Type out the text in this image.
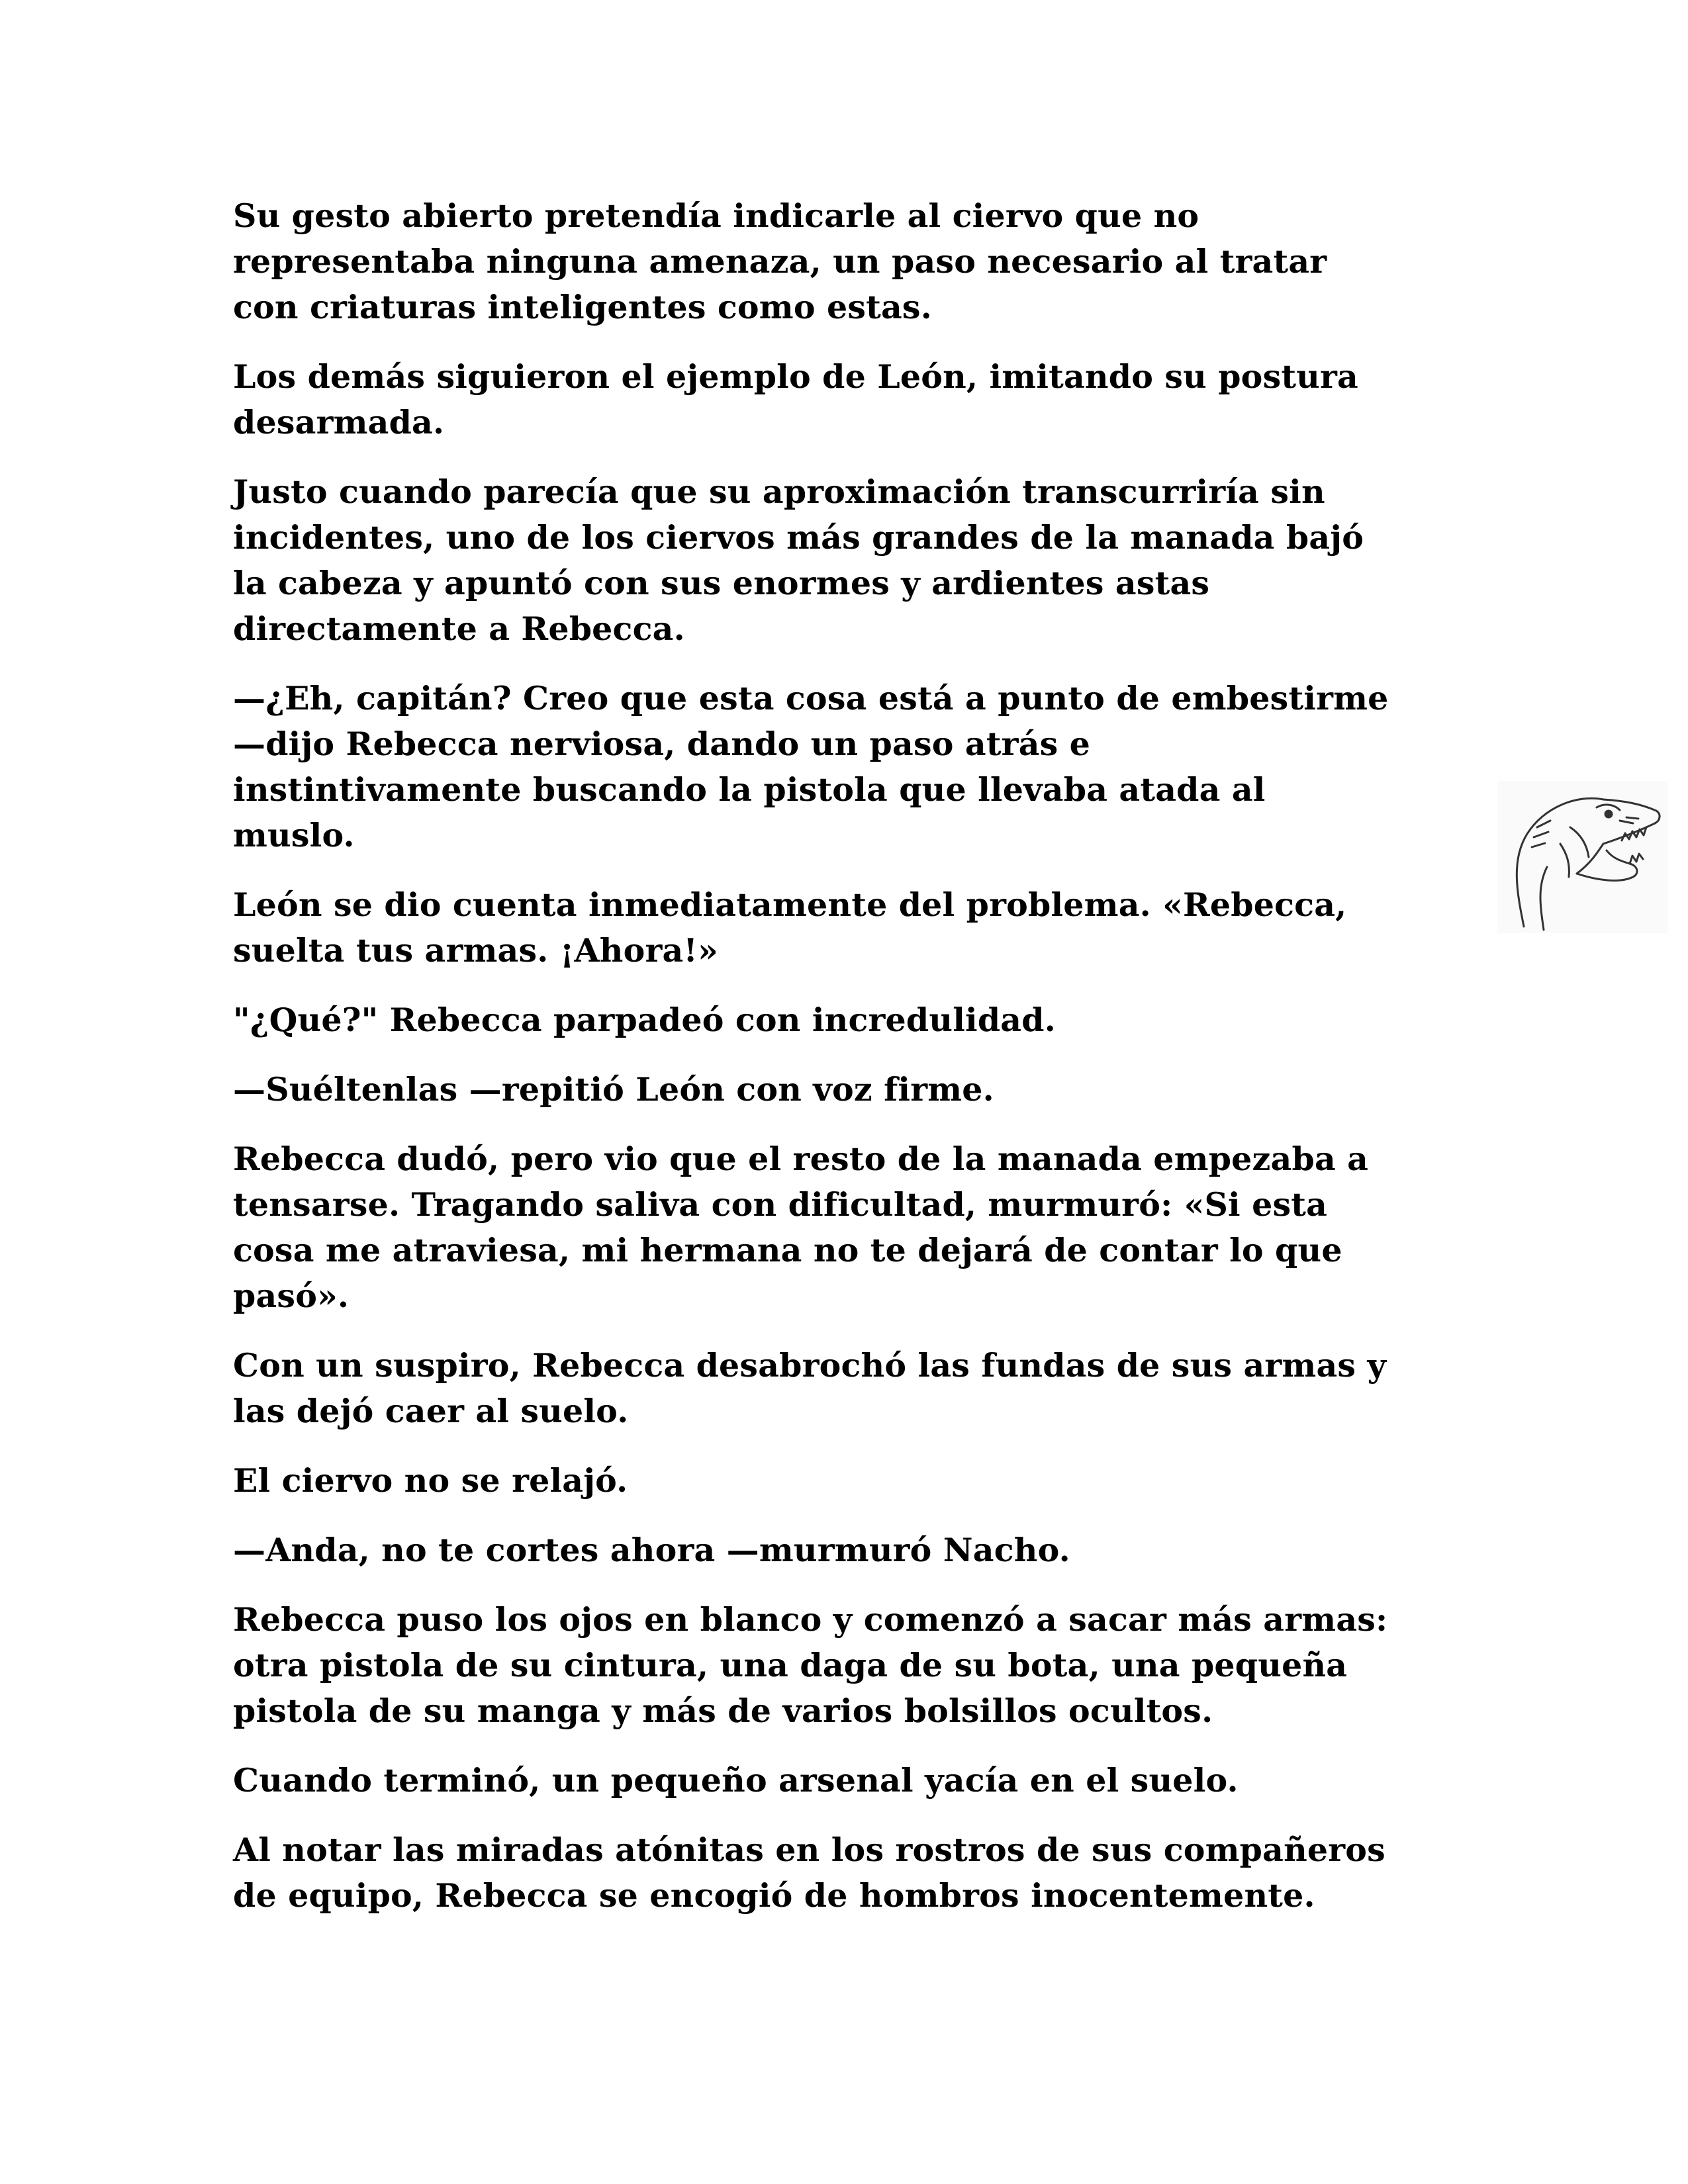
Su gesto abierto pretendía indicarle al ciervo que no
representaba ninguna amenaza, un paso necesario al tratar
con criaturas inteligentes como estas.

Los demás siguieron el ejemplo de León, imitando su postura
desarmada.

Justo cuando parecía que su aproximación transcurriría sin
incidentes, uno de los ciervos más grandes de la manada bajó
la cabeza y apuntó con sus enormes y ardientes astas
directamente a Rebecca.

—¿Eh, capitán? Creo que esta cosa está a punto de embestirme
—dijo Rebecca nerviosa, dando un paso atrás e
instintivamente buscando la pistola que llevaba atada al
muslo.

León se dio cuenta inmediatamente del problema. «Rebecca,
suelta tus armas. ¡Ahora!»

"¿Qué?" Rebecca parpadeó con incredulidad.

—Suéltenlas —repitió León con voz firme.

Rebecca dudó, pero vio que el resto de la manada empezaba a
tensarse. Tragando saliva con dificultad, murmuró: «Si esta
cosa me atraviesa, mi hermana no te dejará de contar lo que
pasó».

Con un suspiro, Rebecca desabrochó las fundas de sus armas y
las dejó caer al suelo.

El ciervo no se relajó.

—Anda, no te cortes ahora —murmuró Nacho.

Rebecca puso los ojos en blanco y comenzó a sacar más armas:
otra pistola de su cintura, una daga de su bota, una pequeña
pistola de su manga y más de varios bolsillos ocultos.

Cuando terminó, un pequeño arsenal yacía en el suelo.

Al notar las miradas atónitas en los rostros de sus compañeros
de equipo, Rebecca se encogió de hombros inocentemente.
